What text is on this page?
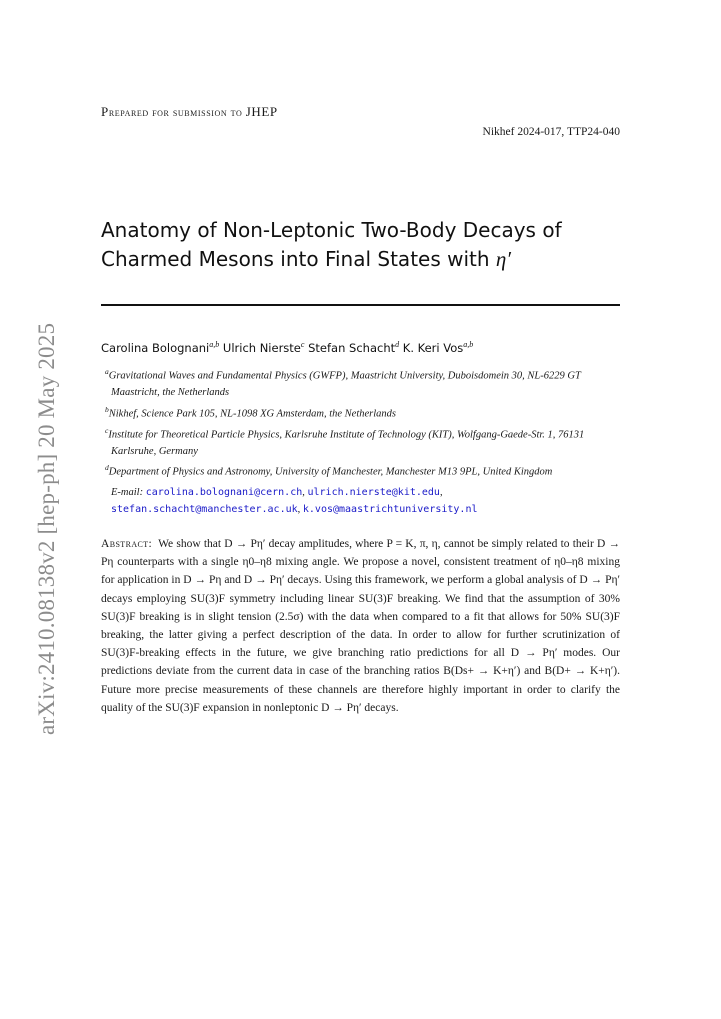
Prepared for submission to JHEP
Nikhef 2024-017, TTP24-040
arXiv:2410.08138v2 [hep-ph] 20 May 2025
Anatomy of Non-Leptonic Two-Body Decays of
Charmed Mesons into Final States with η′
Carolina Bolognani$^{a,b}$ Ulrich Nierste$^c$ Stefan Schacht$^d$ K. Keri Vos$^{a,b}$
$^a$Gravitational Waves and Fundamental Physics (GWFP), Maastricht University, Duboisdomein 30, NL-6229 GT Maastricht, the Netherlands
$^b$Nikhef, Science Park 105, NL-1098 XG Amsterdam, the Netherlands
$^c$Institute for Theoretical Particle Physics, Karlsruhe Institute of Technology (KIT), Wolfgang-Gaede-Str. 1, 76131 Karlsruhe, Germany
$^d$Department of Physics and Astronomy, University of Manchester, Manchester M13 9PL, United Kingdom
E-mail: carolina.bolognani@cern.ch, ulrich.nierste@kit.edu,
stefan.schacht@manchester.ac.uk, k.vos@maastrichtuniversity.nl
Abstract: We show that D → Pη′ decay amplitudes, where P = K, π, η, cannot be simply related to their D → Pη counterparts with a single η0–η8 mixing angle. We propose a novel, consistent treatment of η0–η8 mixing for application in D → Pη and D → Pη′ decays. Using this framework, we perform a global analysis of D → Pη′ decays employing SU(3)F symmetry including linear SU(3)F breaking. We find that the assumption of 30% SU(3)F breaking is in slight tension (2.5σ) with the data when compared to a fit that allows for 50% SU(3)F breaking, the latter giving a perfect description of the data. In order to allow for further scrutinization of SU(3)F-breaking effects in the future, we give branching ratio predictions for all D → Pη′ modes. Our predictions deviate from the current data in case of the branching ratios B(Ds+ → K+η′) and B(D+ → K+η′). Future more precise measurements of these channels are therefore highly important in order to clarify the quality of the SU(3)F expansion in nonleptonic D → Pη′ decays.
